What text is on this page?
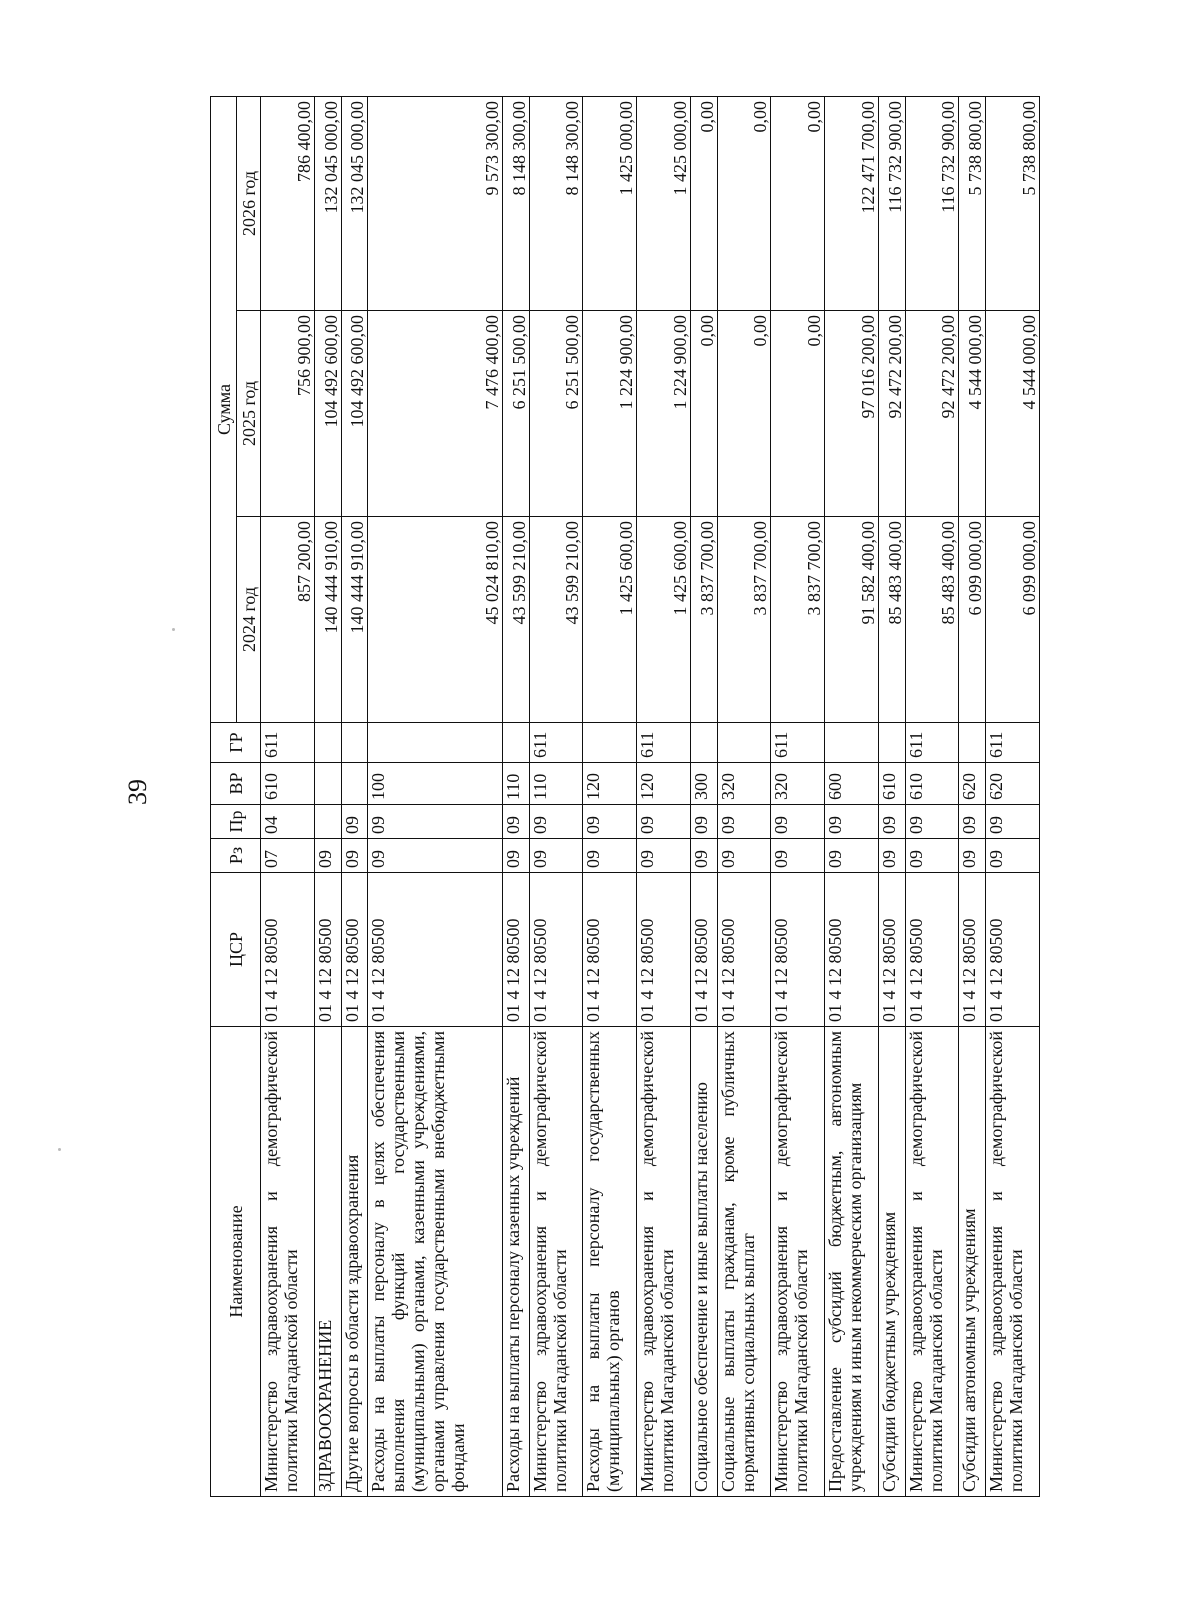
39
Наименование	ЦСР	Рз	Пр	ВР	ГР	Сумма		
						2024 год	2025 год	2026 год
Министерство здравоохранения и демографической политики Магаданской области	01 4 12 80500	07	04	610	611	857 200,00	756 900,00	786 400,00
ЗДРАВООХРАНЕНИЕ	01 4 12 80500	09				140 444 910,00	104 492 600,00	132 045 000,00
Другие вопросы в области здравоохранения	01 4 12 80500	09	09			140 444 910,00	104 492 600,00	132 045 000,00
Расходы на выплаты персоналу в целях обеспечения выполнения функций государственными (муниципальными) органами, казенными учреждениями, органами управления государственными внебюджетными фондами	01 4 12 80500	09	09	100		45 024 810,00	7 476 400,00	9 573 300,00
Расходы на выплаты персоналу казенных учреждений	01 4 12 80500	09	09	110		43 599 210,00	6 251 500,00	8 148 300,00
Министерство здравоохранения и демографической политики Магаданской области	01 4 12 80500	09	09	110	611	43 599 210,00	6 251 500,00	8 148 300,00
Расходы на выплаты персоналу государственных (муниципальных) органов	01 4 12 80500	09	09	120		1 425 600,00	1 224 900,00	1 425 000,00
Министерство здравоохранения и демографической политики Магаданской области	01 4 12 80500	09	09	120	611	1 425 600,00	1 224 900,00	1 425 000,00
Социальное обеспечение и иные выплаты населению	01 4 12 80500	09	09	300		3 837 700,00	0,00	0,00
Социальные выплаты гражданам, кроме публичных нормативных социальных выплат	01 4 12 80500	09	09	320		3 837 700,00	0,00	0,00
Министерство здравоохранения и демографической политики Магаданской области	01 4 12 80500	09	09	320	611	3 837 700,00	0,00	0,00
Предоставление субсидий бюджетным, автономным учреждениям и иным некоммерческим организациям	01 4 12 80500	09	09	600		91 582 400,00	97 016 200,00	122 471 700,00
Субсидии бюджетным учреждениям	01 4 12 80500	09	09	610		85 483 400,00	92 472 200,00	116 732 900,00
Министерство здравоохранения и демографической политики Магаданской области	01 4 12 80500	09	09	610	611	85 483 400,00	92 472 200,00	116 732 900,00
Субсидии автономным учреждениям	01 4 12 80500	09	09	620		6 099 000,00	4 544 000,00	5 738 800,00
Министерство здравоохранения и демографической политики Магаданской области	01 4 12 80500	09	09	620	611	6 099 000,00	4 544 000,00	5 738 800,00
